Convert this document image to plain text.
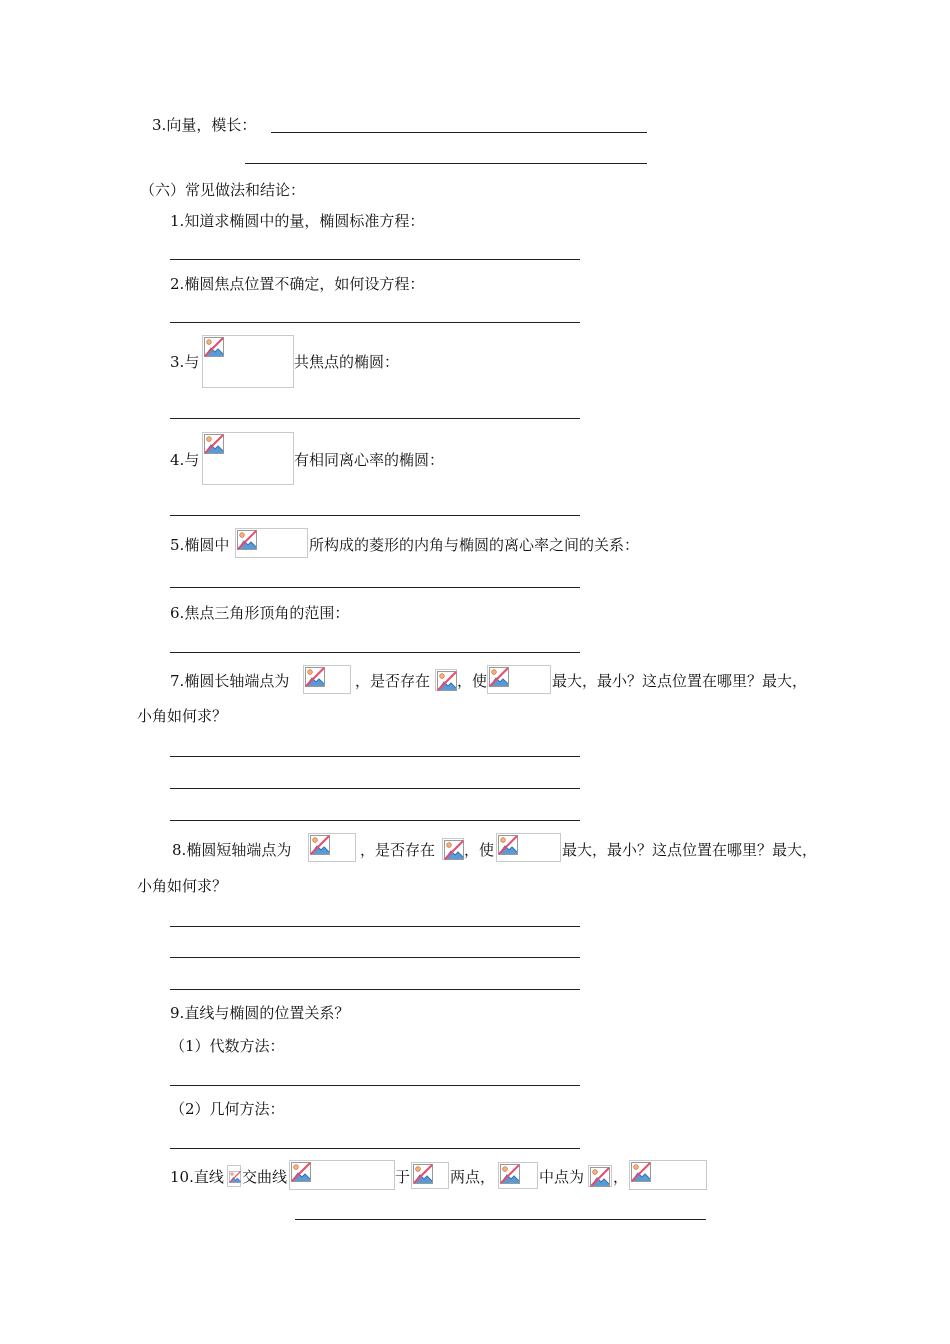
3.向量，模长：
（六）常见做法和结论：
1.知道求椭圆中的量，椭圆标准方程：
2.椭圆焦点位置不确定，如何设方程：
3.与	共焦点的椭圆：
4.与	有相同离心率的椭圆：
5.椭圆中	所构成的菱形的内角与椭圆的离心率之间的关系：
6.焦点三角形顶角的范围：
7.椭圆长轴端点为	，是否存在 ，使	最大，最小？这点位置在哪里？最大，
小角如何求？
8.椭圆短轴端点为	，是否存在 ，使	最大，最小？这点位置在哪里？最大，
小角如何求？
9.直线与椭圆的位置关系？
（1）代数方法：
（2）几何方法：
10.直线 交曲线	于	两点，	中点为 ，
